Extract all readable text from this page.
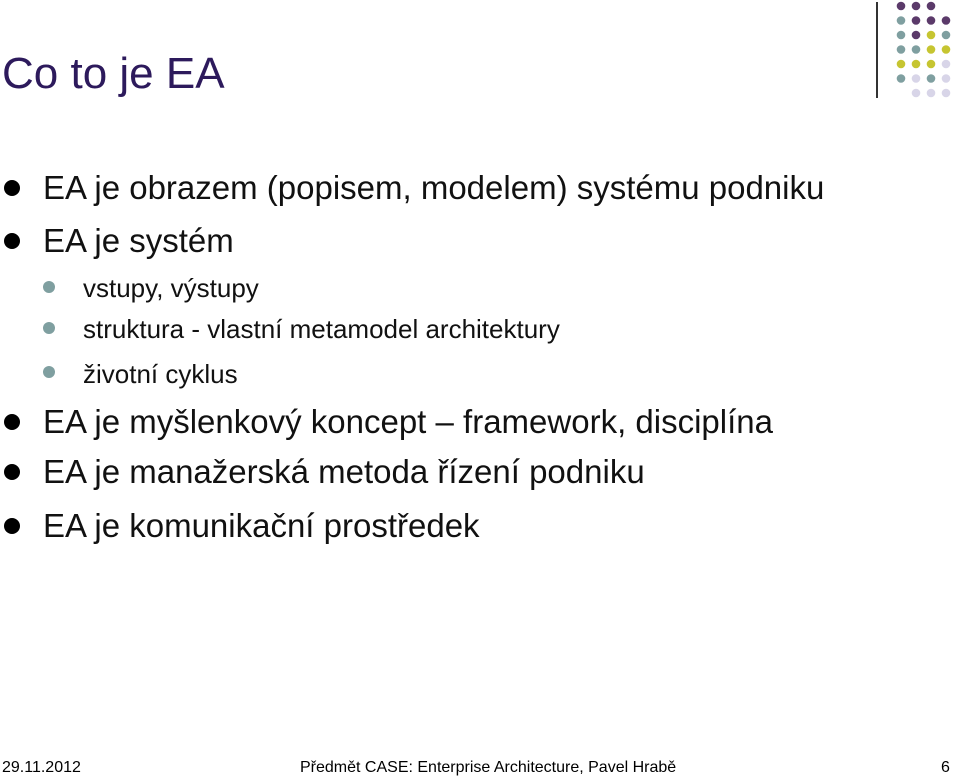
Co to je EA
EA je obrazem (popisem, modelem) systému podniku
EA je systém
vstupy, výstupy
struktura - vlastní metamodel architektury
životní cyklus
EA je myšlenkový koncept – framework, disciplína
EA je manažerská metoda řízení podniku
EA je komunikační prostředek
29.11.2012	Předmět CASE: Enterprise Architecture, Pavel Hrabě	6
